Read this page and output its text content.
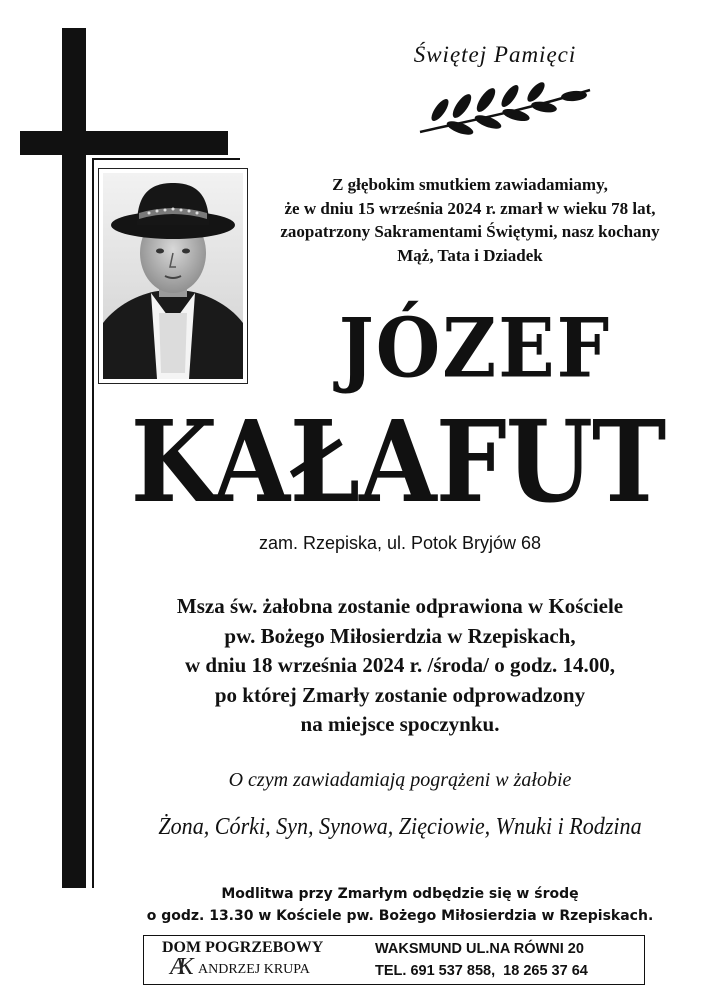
Świętej Pamięci
Z głębokim smutkiem zawiadamiamy,
że w dniu 15 września 2024 r. zmarł w wieku 78 lat,
zaopatrzony Sakramentami Świętymi, nasz kochany
Mąż, Tata i Dziadek
JÓZEF
KAŁAFUT
zam. Rzepiska, ul. Potok Bryjów 68
Msza św. żałobna zostanie odprawiona w Kościele
pw. Bożego Miłosierdzia w Rzepiskach,
w dniu 18 września 2024 r. /środa/ o godz. 14.00,
po której Zmarły zostanie odprowadzony
na miejsce spoczynku.
O czym zawiadamiają pogrążeni w żałobie
Żona, Córki, Syn, Synowa, Zięciowie, Wnuki i Rodzina
Modlitwa przy Zmarłym odbędzie się w środę
o godz. 13.30 w Kościele pw. Bożego Miłosierdzia w Rzepiskach.
DOM POGRZEBOWY
AK ANDRZEJ KRUPA
WAKSMUND UL.NA RÓWNI 20
TEL. 691 537 858,  18 265 37 64
